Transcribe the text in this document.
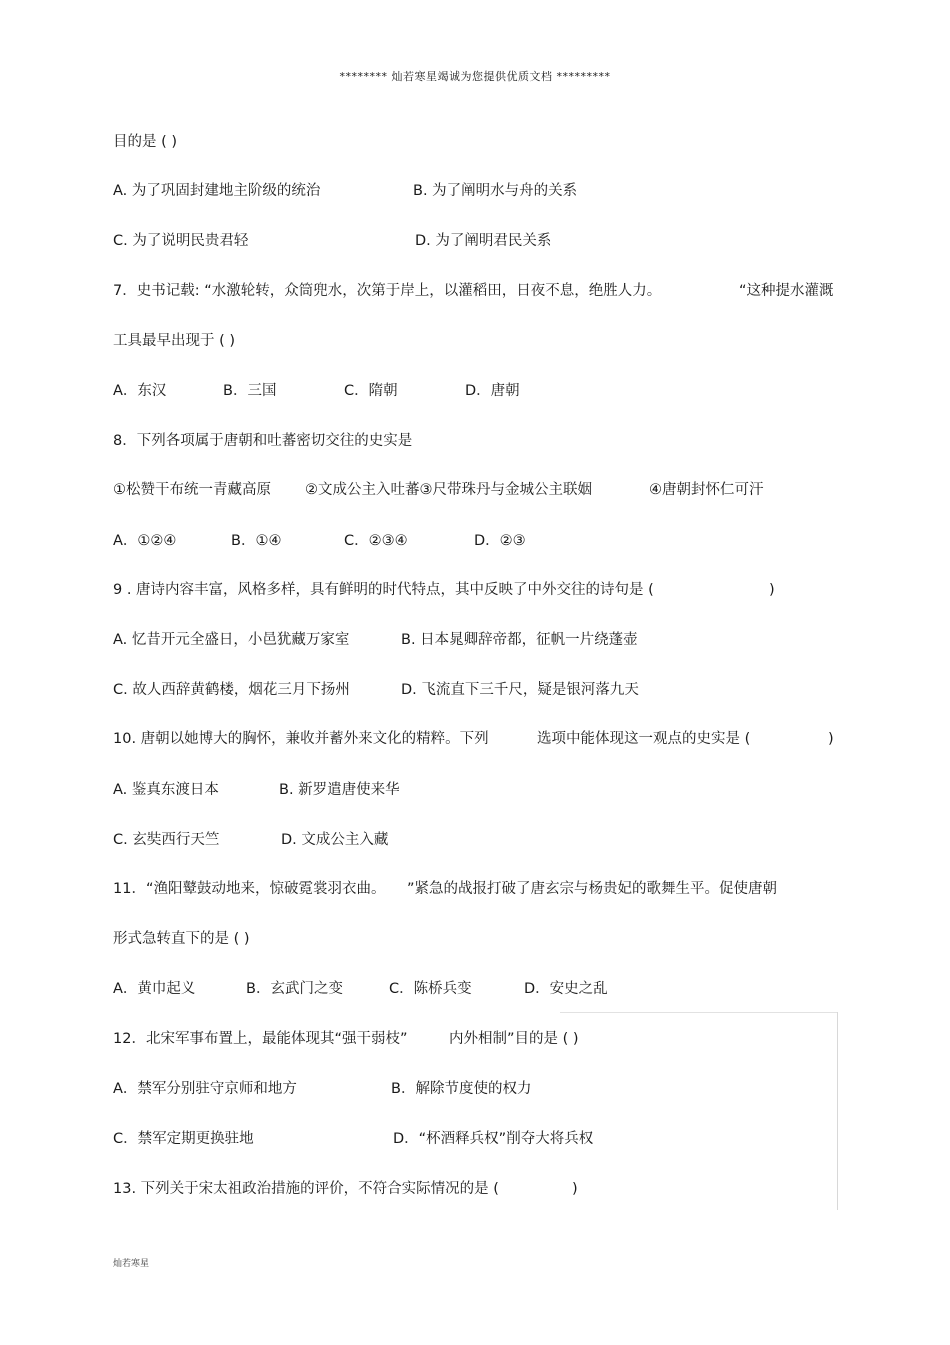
******** 灿若寒星竭诚为您提供优质文档 *********
目的是 ( )
A. 为了巩固封建地主阶级的统治	B. 为了阐明水与舟的关系
C. 为了说明民贵君轻	D. 为了阐明君民关系
7．史书记载: “水激轮转，众筒兜水，次第于岸上，以灌稻田，日夜不息，绝胜人力。	“这种提水灌溉
工具最早出现于 ( )
A．东汉	B．三国	C．隋朝	D．唐朝
8．下列各项属于唐朝和吐蕃密切交往的史实是
①松赞干布统一青藏高原 ②文成公主入吐蕃③尺带珠丹与金城公主联姻	④唐朝封怀仁可汗
A．①②④	B．①④	C．②③④	D．②③
9 . 唐诗内容丰富，风格多样，具有鲜明的时代特点，其中反映了中外交往的诗句是 (	)
A. 忆昔开元全盛日，小邑犹藏万家室	B. 日本晁卿辞帝都，征帆一片绕蓬壶
C. 故人西辞黄鹤楼，烟花三月下扬州	D. 飞流直下三千尺，疑是银河落九天
10. 唐朝以她博大的胸怀，兼收并蓄外来文化的精粹。下列	选项中能体现这一观点的史实是 (	)
A. 鉴真东渡日本	B. 新罗遣唐使来华
C. 玄奘西行天竺	D. 文成公主入藏
11．“渔阳鼙鼓动地来，惊破霓裳羽衣曲。 ”紧急的战报打破了唐玄宗与杨贵妃的歌舞生平。促使唐朝
形式急转直下的是 ( )
A．黄巾起义	B．玄武门之变	C．陈桥兵变	D．安史之乱
12．北宋军事布置上，最能体现其“强干弱枝”	内外相制”目的是 ( )
A．禁军分别驻守京师和地方	B．解除节度使的权力
C．禁军定期更换驻地	D．“杯酒释兵权”削夺大将兵权
13. 下列关于宋太祖政治措施的评价，不符合实际情况的是 (	)
灿若寒星
